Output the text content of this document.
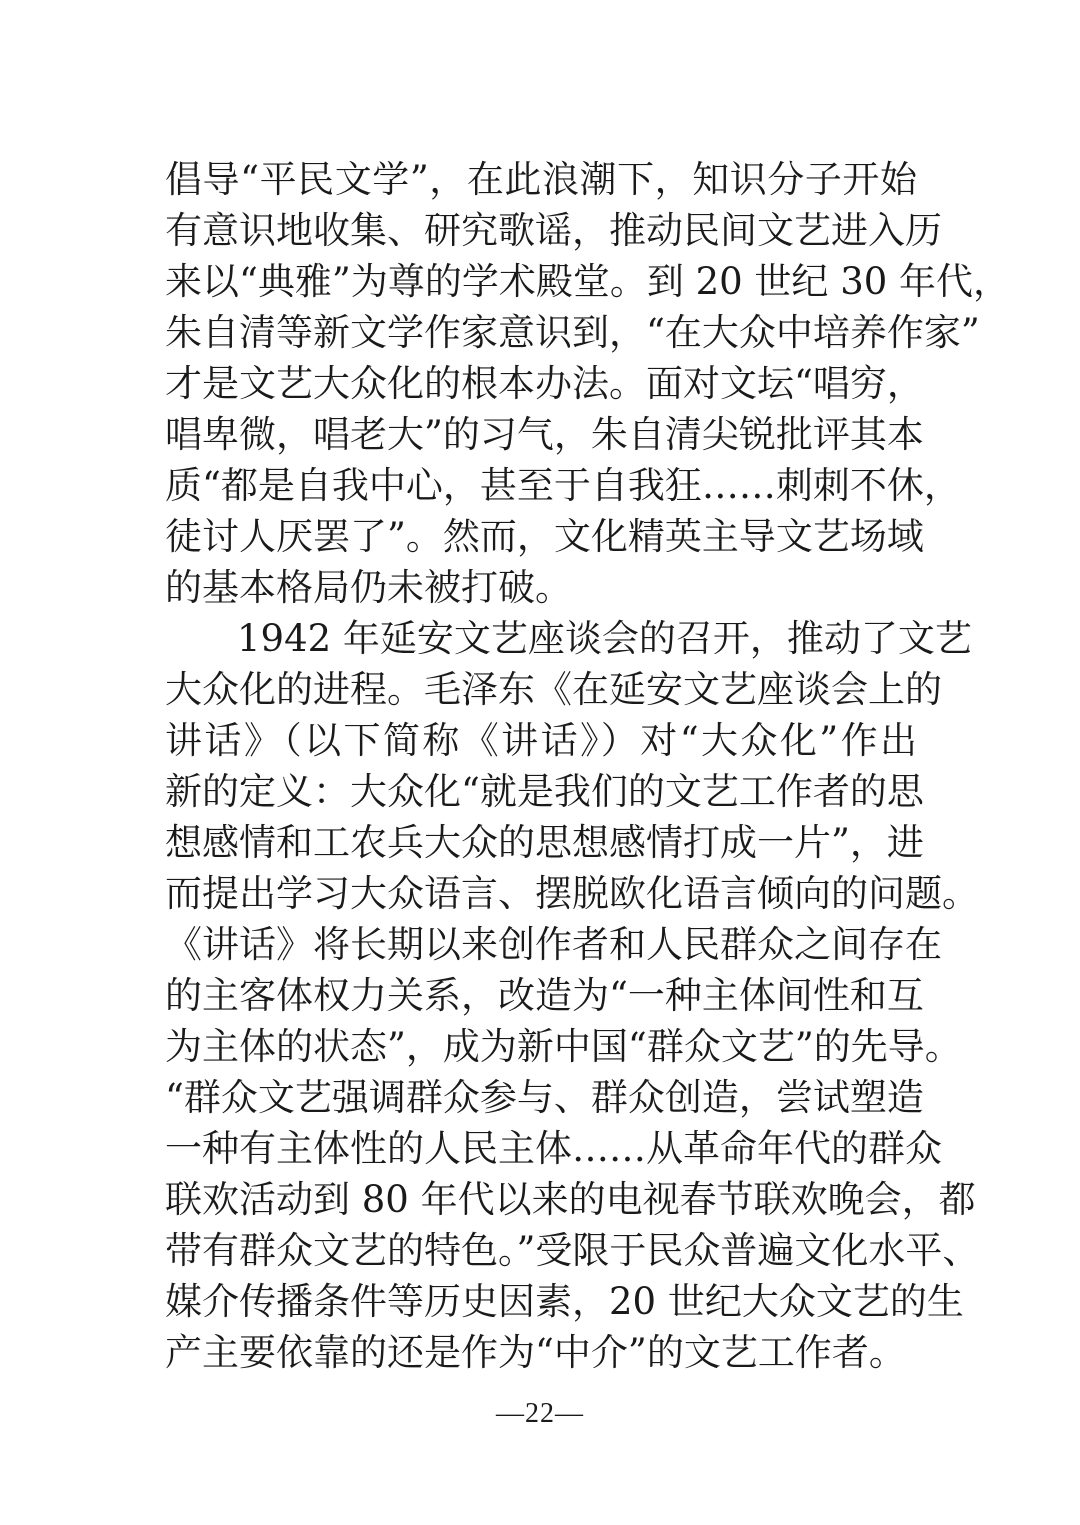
倡导“平民文学”，在此浪潮下，知识分子开始
有意识地收集、研究歌谣，推动民间文艺进入历
来以“典雅”为尊的学术殿堂。到 20 世纪 30 年代，
朱自清等新文学作家意识到，“在大众中培养作家”
才是文艺大众化的根本办法。面对文坛“唱穷，
唱卑微，唱老大”的习气，朱自清尖锐批评其本
质“都是自我中心，甚至于自我狂……刺刺不休，
徒讨人厌罢了”。然而，文化精英主导文艺场域
的基本格局仍未被打破。
1942 年延安文艺座谈会的召开，推动了文艺
大众化的进程。毛泽东《在延安文艺座谈会上的
讲话》（以下简称《讲话》）对“大众化”作出
新的定义：大众化“就是我们的文艺工作者的思
想感情和工农兵大众的思想感情打成一片”，进
而提出学习大众语言、摆脱欧化语言倾向的问题。
《讲话》将长期以来创作者和人民群众之间存在
的主客体权力关系，改造为“一种主体间性和互
为主体的状态”，成为新中国“群众文艺”的先导。
“群众文艺强调群众参与、群众创造，尝试塑造
一种有主体性的人民主体……从革命年代的群众
联欢活动到 80 年代以来的电视春节联欢晚会，都
带有群众文艺的特色。”受限于民众普遍文化水平、
媒介传播条件等历史因素，20 世纪大众文艺的生
产主要依靠的还是作为“中介”的文艺工作者。
—22—
